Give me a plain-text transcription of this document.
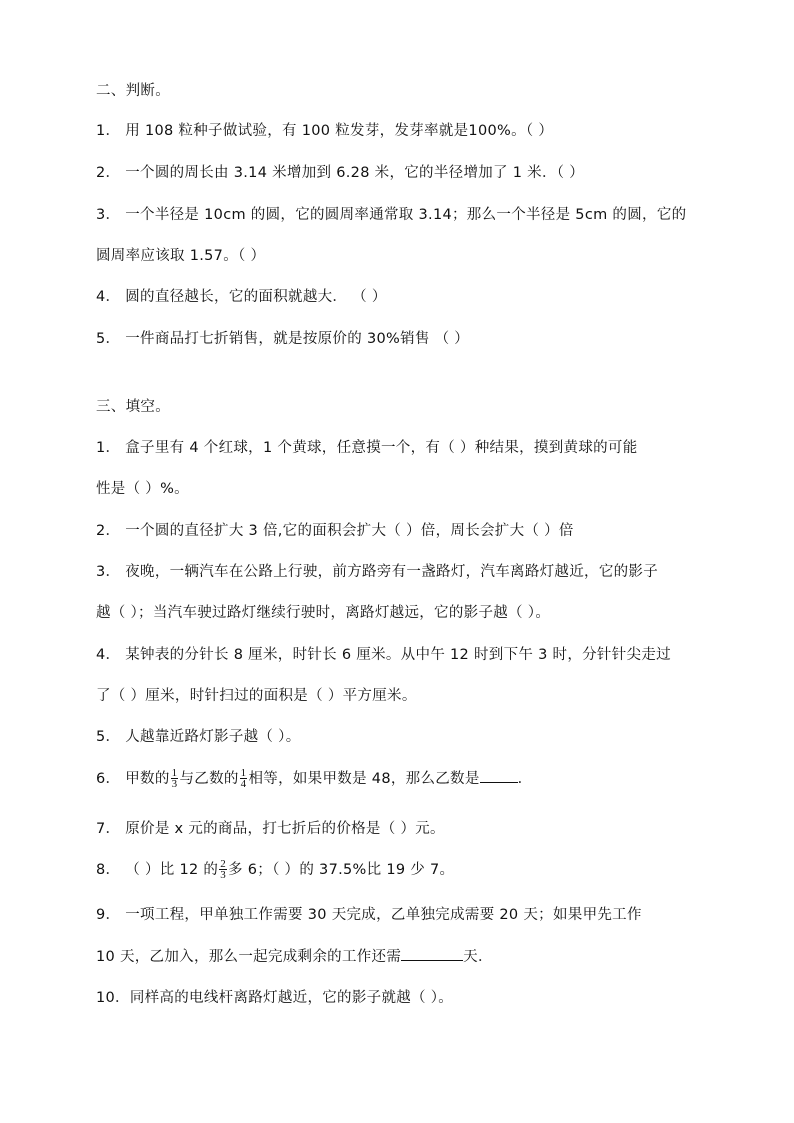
二、判断。
1． 用 108 粒种子做试验，有 100 粒发芽，发芽率就是100%。（ ）
2． 一个圆的周长由 3.14 米增加到 6.28 米，它的半径增加了 1 米．（ ）
3． 一个半径是 10cm 的圆，它的圆周率通常取 3.14；那么一个半径是 5cm 的圆，它的
圆周率应该取 1.57。（ ）
4． 圆的直径越长，它的面积就越大． （ ）
5． 一件商品打七折销售，就是按原价的 30%销售 （ ）
三、填空。
1． 盒子里有 4 个红球，1 个黄球，任意摸一个，有（ ）种结果，摸到黄球的可能
性是（ ）%。
2． 一个圆的直径扩大 3 倍,它的面积会扩大（ ）倍，周长会扩大（ ）倍
3． 夜晚，一辆汽车在公路上行驶，前方路旁有一盏路灯，汽车离路灯越近，它的影子
越（ ）；当汽车驶过路灯继续行驶时，离路灯越远，它的影子越（ ）。
4． 某钟表的分针长 8 厘米，时针长 6 厘米。从中午 12 时到下午 3 时，分针针尖走过
了（ ）厘米，时针扫过的面积是（ ）平方厘米。
5． 人越靠近路灯影子越（ ）。
6． 甲数的 $\frac{1}{3}$ 与乙数的 $\frac{1}{4}$ 相等，如果甲数是 48，那么乙数是	．
7． 原价是 x 元的商品，打七折后的价格是（ ）元。
8． （ ）比 12 的 $\frac{2}{3}$ 多 6；（ ）的 37.5%比 19 少 7。
9． 一项工程，甲单独工作需要 30 天完成，乙单独完成需要 20 天；如果甲先工作
10 天，乙加入，那么一起完成剩余的工作还需	天．
10．同样高的电线杆离路灯越近，它的影子就越（ ）。
